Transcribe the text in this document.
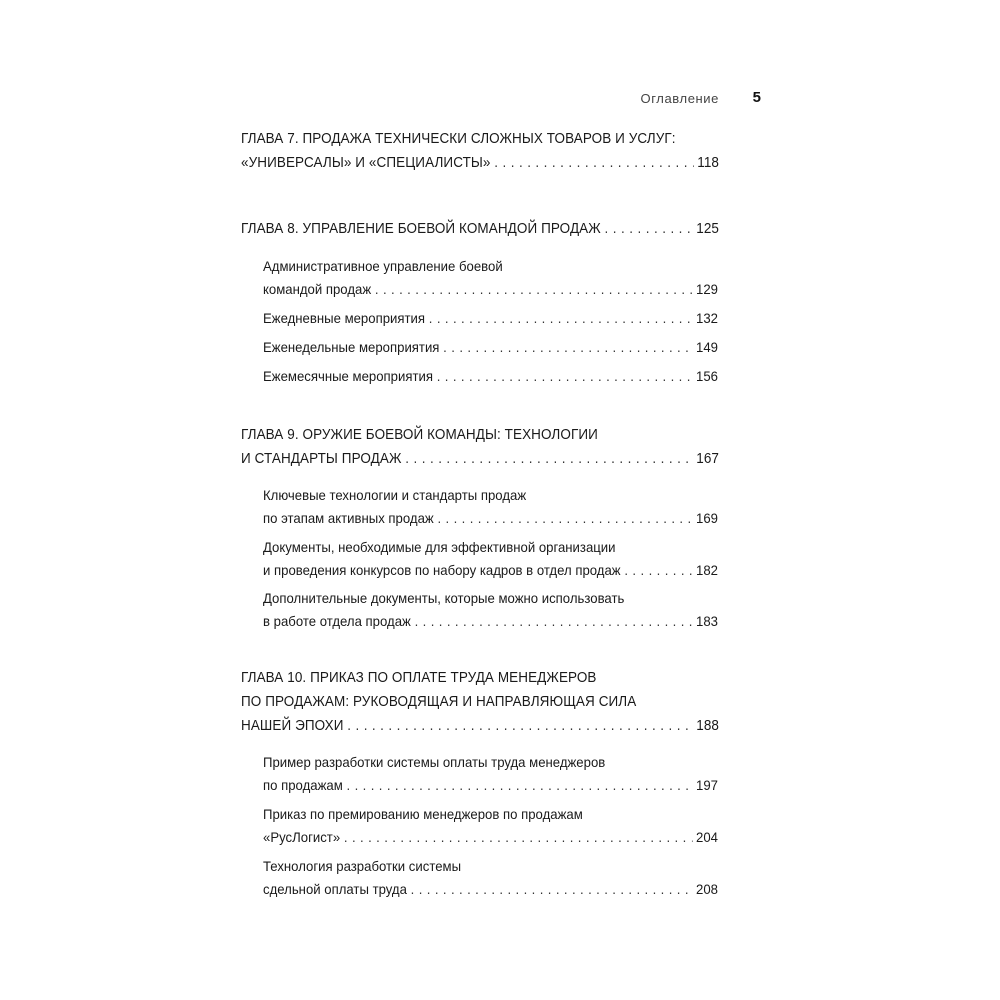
Оглавление 5
ГЛАВА 7. ПРОДАЖА ТЕХНИЧЕСКИ СЛОЖНЫХ ТОВАРОВ И УСЛУГ:
«УНИВЕРСАЛЫ» И «СПЕЦИАЛИСТЫ» . . .	118
ГЛАВА 8. УПРАВЛЕНИЕ БОЕВОЙ КОМАНДОЙ ПРОДАЖ . . .	125
Административное управление боевой
командой продаж . . .	129
Ежедневные мероприятия . . .	132
Еженедельные мероприятия . . .	149
Ежемесячные мероприятия . . .	156
ГЛАВА 9. ОРУЖИЕ БОЕВОЙ КОМАНДЫ: ТЕХНОЛОГИИ
И СТАНДАРТЫ ПРОДАЖ . . .	167
Ключевые технологии и стандарты продаж
по этапам активных продаж . . .	169
Документы, необходимые для эффективной организации
и проведения конкурсов по набору кадров в отдел продаж . . .	182
Дополнительные документы, которые можно использовать
в работе отдела продаж . . .	183
ГЛАВА 10. ПРИКАЗ ПО ОПЛАТЕ ТРУДА МЕНЕДЖЕРОВ
ПО ПРОДАЖАМ: РУКОВОДЯЩАЯ И НАПРАВЛЯЮЩАЯ СИЛА
НАШЕЙ ЭПОХИ . . .	188
Пример разработки системы оплаты труда менеджеров
по продажам . . .	197
Приказ по премированию менеджеров по продажам
«РусЛогист» . . .	204
Технология разработки системы
сдельной оплаты труда . . .	208
